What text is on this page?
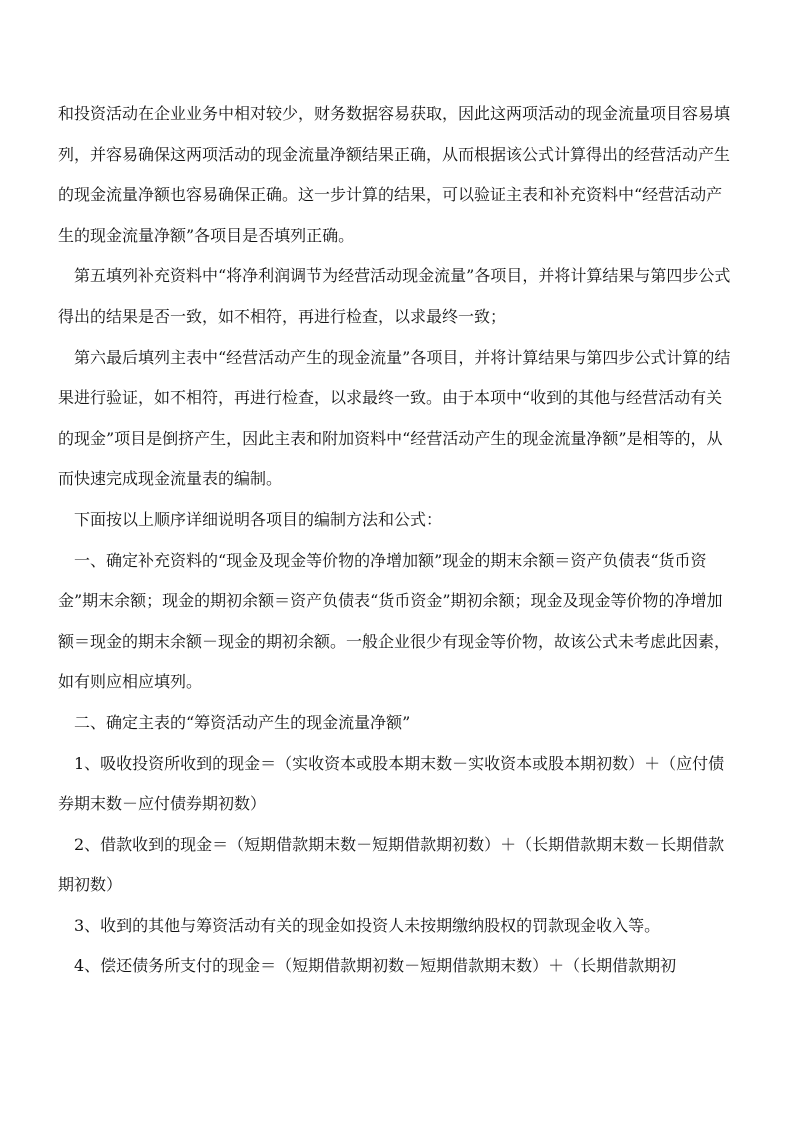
和投资活动在企业业务中相对较少，财务数据容易获取，因此这两项活动的现金流量项目容易填列，并容易确保这两项活动的现金流量净额结果正确，从而根据该公式计算得出的经营活动产生的现金流量净额也容易确保正确。这一步计算的结果，可以验证主表和补充资料中“经营活动产生的现金流量净额”各项目是否填列正确。

　第五填列补充资料中“将净利润调节为经营活动现金流量”各项目，并将计算结果与第四步公式得出的结果是否一致，如不相符，再进行检查，以求最终一致；

　第六最后填列主表中“经营活动产生的现金流量”各项目，并将计算结果与第四步公式计算的结果进行验证，如不相符，再进行检查，以求最终一致。由于本项中“收到的其他与经营活动有关的现金”项目是倒挤产生，因此主表和附加资料中“经营活动产生的现金流量净额”是相等的，从而快速完成现金流量表的编制。

　下面按以上顺序详细说明各项目的编制方法和公式：

　一、确定补充资料的“现金及现金等价物的净增加额”现金的期末余额＝资产负债表“货币资金”期末余额；现金的期初余额＝资产负债表“货币资金”期初余额；现金及现金等价物的净增加额＝现金的期末余额－现金的期初余额。一般企业很少有现金等价物，故该公式未考虑此因素，如有则应相应填列。

　二、确定主表的“筹资活动产生的现金流量净额”

　1、吸收投资所收到的现金＝（实收资本或股本期末数－实收资本或股本期初数）＋（应付债券期末数－应付债券期初数）

　2、借款收到的现金＝（短期借款期末数－短期借款期初数）＋（长期借款期末数－长期借款期初数）

　3、收到的其他与筹资活动有关的现金如投资人未按期缴纳股权的罚款现金收入等。

　4、偿还债务所支付的现金＝（短期借款期初数－短期借款期末数）＋（长期借款期初
